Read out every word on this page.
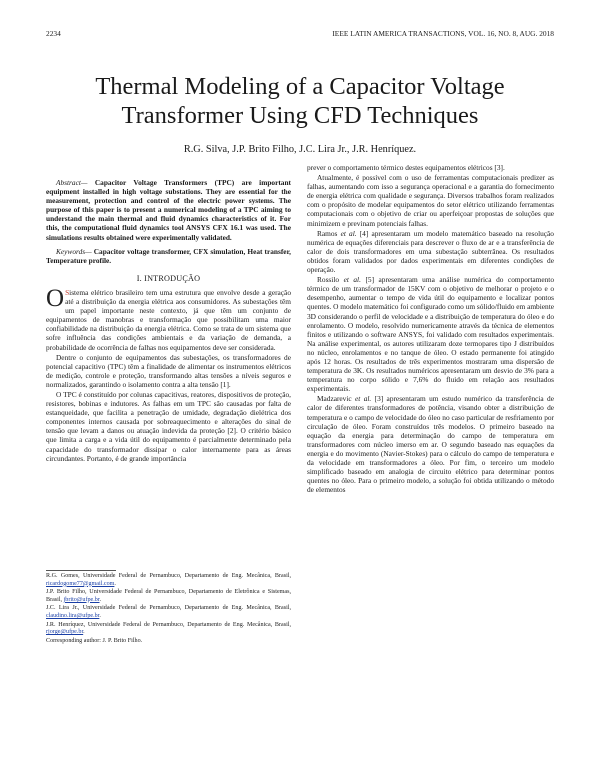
2234	IEEE LATIN AMERICA TRANSACTIONS, VOL. 16, NO. 8, AUG. 2018
Thermal Modeling of a Capacitor Voltage
Transformer Using CFD Techniques
R.G. Silva, J.P. Brito Filho, J.C. Lira Jr., J.R. Henríquez.

Abstract— Capacitor Voltage Transformers (TPC) are important equipment installed in high voltage substations. They are essential for the measurement, protection and control of the electric power systems. The purpose of this paper is to present a numerical modeling of a TPC aiming to understand the main thermal and fluid dynamics characteristics of it. For this, the computational fluid dynamics tool ANSYS CFX 16.1 was used. The simulations results obtained were experimentally validated.

Keywords— Capacitor voltage transformer, CFX simulation, Heat transfer, Temperature profile.

I. INTRODUÇÃO

O Sistema elétrico brasileiro tem uma estrutura que envolve desde a geração até a distribuição da energia elétrica aos consumidores. As subestações têm um papel importante neste contexto, já que têm um conjunto de equipamentos de manobras e transformação que possibilitam uma maior confiabilidade na distribuição da energia elétrica. Como se trata de um sistema que sofre influência das condições ambientais e da variação de demanda, a probabilidade de ocorrência de falhas nos equipamentos deve ser considerada.

Dentre o conjunto de equipamentos das subestações, os transformadores de potencial capacitivo (TPC) têm a finalidade de alimentar os instrumentos elétricos de medição, controle e proteção, transformando altas tensões a níveis seguros e normalizados, garantindo o isolamento contra a alta tensão [1].

O TPC é constituído por colunas capacitivas, reatores, dispositivos de proteção, resistores, bobinas e indutores. As falhas em um TPC são causadas por falta de estanqueidade, que facilita a penetração de umidade, degradação dielétrica dos componentes internos causada por sobreaquecimento e alterações do sinal de tensão que levam a danos ou atuação indevida da proteção [2]. O critério básico que limita a carga e a vida útil do equipamento é parcialmente determinado pela capacidade do transformador dissipar o calor internamente para as áreas circundantes. Portanto, é de grande importância

R.G. Gomes, Universidade Federal de Pernambuco, Departamento de Eng. Mecânica, Brasil, ricardogome77@gmail.com.

J.P. Brito Filho, Universidade Federal de Pernambuco, Departamento de Eletrônica e Sistemas, Brasil, jbrito@ufpe.br.

J.C. Lira Jr., Universidade Federal de Pernambuco, Departamento de Eng. Mecânica, Brasil, claudino.lira@ufpe.br.

J.R. Henríquez, Universidade Federal de Pernambuco, Departamento de Eng. Mecânica, Brasil, rjorge@ufpe.br.

Corresponding author: J. P. Brito Filho.

prever o comportamento térmico destes equipamentos elétricos [3].

Atualmente, é possível com o uso de ferramentas computacionais predizer as falhas, aumentando com isso a segurança operacional e a garantia do fornecimento de energia elétrica com qualidade e segurança. Diversos trabalhos foram realizados com o propósito de modelar equipamentos do setor elétrico utilizando ferramentas computacionais com o objetivo de criar ou aperfeiçoar propostas de soluções que minimizem e previnam potenciais falhas.

Ramos et al. [4] apresentaram um modelo matemático baseado na resolução numérica de equações diferenciais para descrever o fluxo de ar e a transferência de calor de dois transformadores em uma subestação subterrânea. Os resultados obtidos foram validados por dados experimentais em diferentes condições de operação.

Rossilo et al. [5] apresentaram uma análise numérica do comportamento térmico de um transformador de 15KV com o objetivo de melhorar o projeto e o desempenho, aumentar o tempo de vida útil do equipamento e localizar pontos quentes. O modelo matemático foi configurado como um sólido/fluido em ambiente 3D considerando o perfil de velocidade e a distribuição de temperatura do óleo e do enrolamento. O modelo, resolvido numericamente através da técnica de elementos finitos e utilizando o software ANSYS, foi validado com resultados experimentais. Na análise experimental, os autores utilizaram doze termopares tipo J distribuídos no núcleo, enrolamentos e no tanque de óleo. O estado permanente foi atingido após 12 horas. Os resultados de três experimentos mostraram uma dispersão de temperatura de 3K. Os resultados numéricos apresentaram um desvio de 3% para a temperatura no corpo sólido e 7,6% do fluido em relação aos resultados experimentais.

Madzarevic et al. [3] apresentaram um estudo numérico da transferência de calor de diferentes transformadores de potência, visando obter a distribuição de temperatura e o campo de velocidade do óleo no caso particular de resfriamento por circulação de óleo. Foram construídos três modelos. O primeiro baseado na equação da energia para determinação do campo de temperatura em transformadores com núcleo imerso em ar. O segundo baseado nas equações da energia e do movimento (Navier-Stokes) para o cálculo do campo de temperatura e da velocidade em transformadores a óleo. Por fim, o terceiro um modelo simplificado baseado em analogia de circuito elétrico para determinar pontos quentes no óleo. Para o primeiro modelo, a solução foi obtida utilizando o método de elementos
